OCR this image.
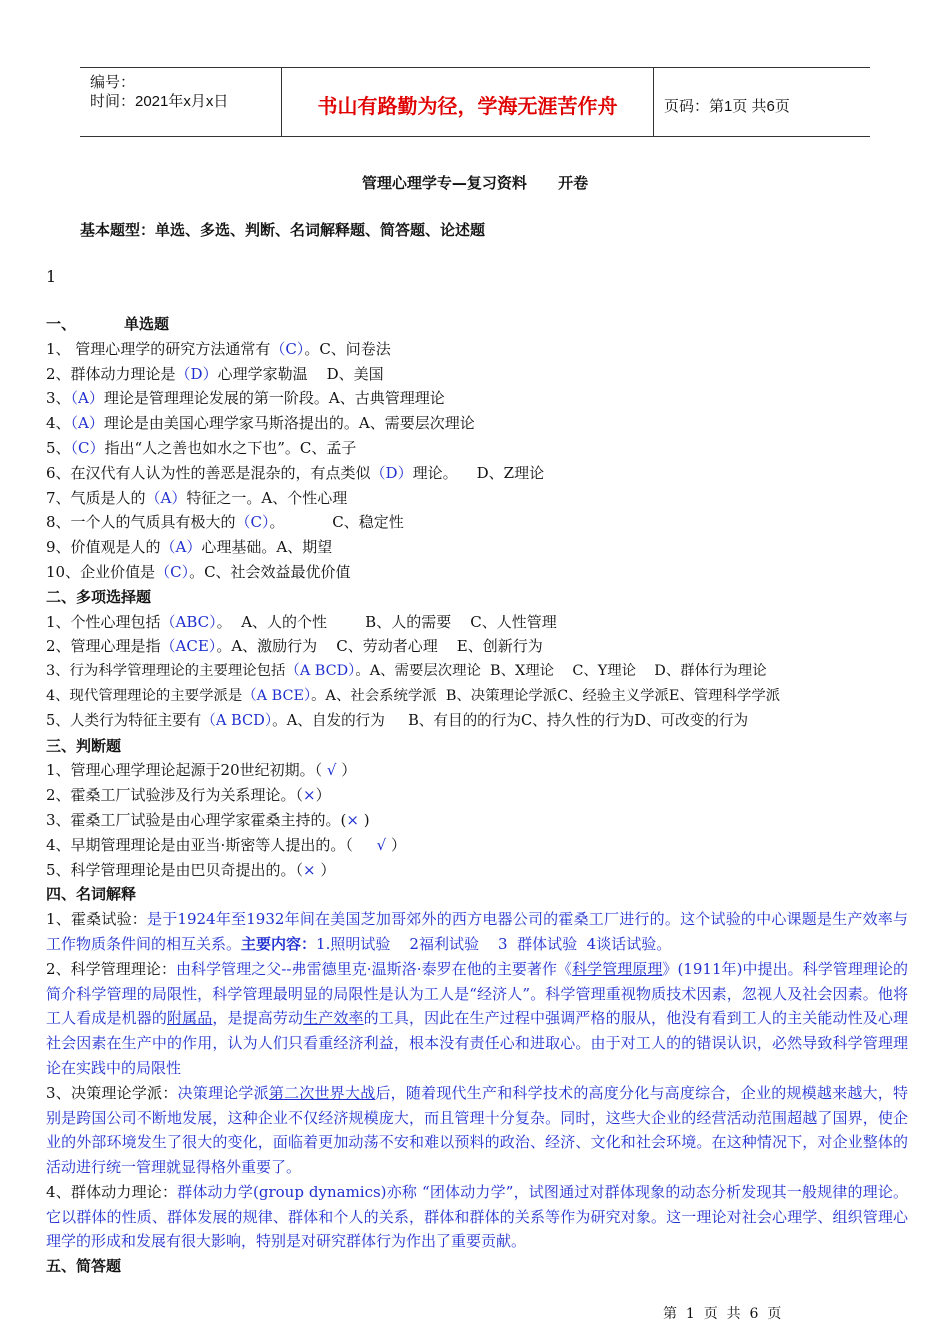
编号：
时间：2021年x月x日	书山有路勤为径，学海无涯苦作舟	页码：第1页 共6页
管理心理学专—复习资料      开卷
基本题型：单选、多选、判断、名词解释题、简答题、论述题
1
一、	单选题
1、 管理心理学的研究方法通常有（C）。C、问卷法
2、群体动力理论是（D）心理学家勒温    D、美国
3、（A）理论是管理理论发展的第一阶段。A、古典管理理论
4、（A）理论是由美国心理学家马斯洛提出的。A、需要层次理论
5、（C）指出“人之善也如水之下也”。C、孟子
6、在汉代有人认为性的善恶是混杂的，有点类似（D）理论。    D、Z理论
7、气质是人的（A）特征之一。A、个性心理
8、一个人的气质具有极大的（C）。          C、稳定性
9、价值观是人的（A）心理基础。A、期望
10、企业价值是（C）。C、社会效益最优价值
二、多项选择题
1、个性心理包括（ABC）。  A、人的个性        B、人的需要    C、人性管理
2、管理心理是指（ACE）。A、激励行为    C、劳动者心理    E、创新行为
3、行为科学管理理论的主要理论包括（A BCD）。A、需要层次理论  B、X理论    C、Y理论    D、群体行为理论
4、现代管理理论的主要学派是（A BCE）。A、社会系统学派  B、决策理论学派C、经验主义学派E、管理科学学派
5、人类行为特征主要有（A BCD）。A、自发的行为     B、有目的的行为C、持久性的行为D、可改变的行为
三、判断题
1、管理心理学理论起源于20世纪初期。（ √ ）
2、霍桑工厂试验涉及行为关系理论。（×）
3、霍桑工厂试验是由心理学家霍桑主持的。(× )
4、早期管理理论是由亚当·斯密等人提出的。（     √ ）
5、科学管理理论是由巴贝奇提出的。（× ）
四、名词解释
1、霍桑试验：是于1924年至1932年间在美国芝加哥郊外的西方电器公司的霍桑工厂进行的。这个试验的中心课题是生产效率与工作物质条件间的相互关系。主要内容：1.照明试验    2福利试验    3  群体试验  4谈话试验。
2、科学管理理论：由科学管理之父--弗雷德里克·温斯洛·泰罗在他的主要著作《科学管理原理》(1911年)中提出。科学管理理论的简介科学管理的局限性，科学管理最明显的局限性是认为工人是“经济人”。科学管理重视物质技术因素，忽视人及社会因素。他将工人看成是机器的附属品，是提高劳动生产效率的工具，因此在生产过程中强调严格的服从，他没有看到工人的主关能动性及心理社会因素在生产中的作用，认为人们只看重经济利益，根本没有责任心和进取心。由于对工人的的错误认识，必然导致科学管理理论在实践中的局限性
3、决策理论学派：决策理论学派第二次世界大战后，随着现代生产和科学技术的高度分化与高度综合，企业的规模越来越大，特别是跨国公司不断地发展，这种企业不仅经济规模庞大，而且管理十分复杂。同时，这些大企业的经营活动范围超越了国界，使企业的外部环境发生了很大的变化，面临着更加动荡不安和难以预料的政治、经济、文化和社会环境。在这种情况下，对企业整体的活动进行统一管理就显得格外重要了。
4、群体动力理论：群体动力学(group dynamics)亦称 “团体动力学”，试图通过对群体现象的动态分析发现其一般规律的理论。它以群体的性质、群体发展的规律、群体和个人的关系，群体和群体的关系等作为研究对象。这一理论对社会心理学、组织管理心理学的形成和发展有很大影响，特别是对研究群体行为作出了重要贡献。
五、简答题
第  1  页  共  6  页
